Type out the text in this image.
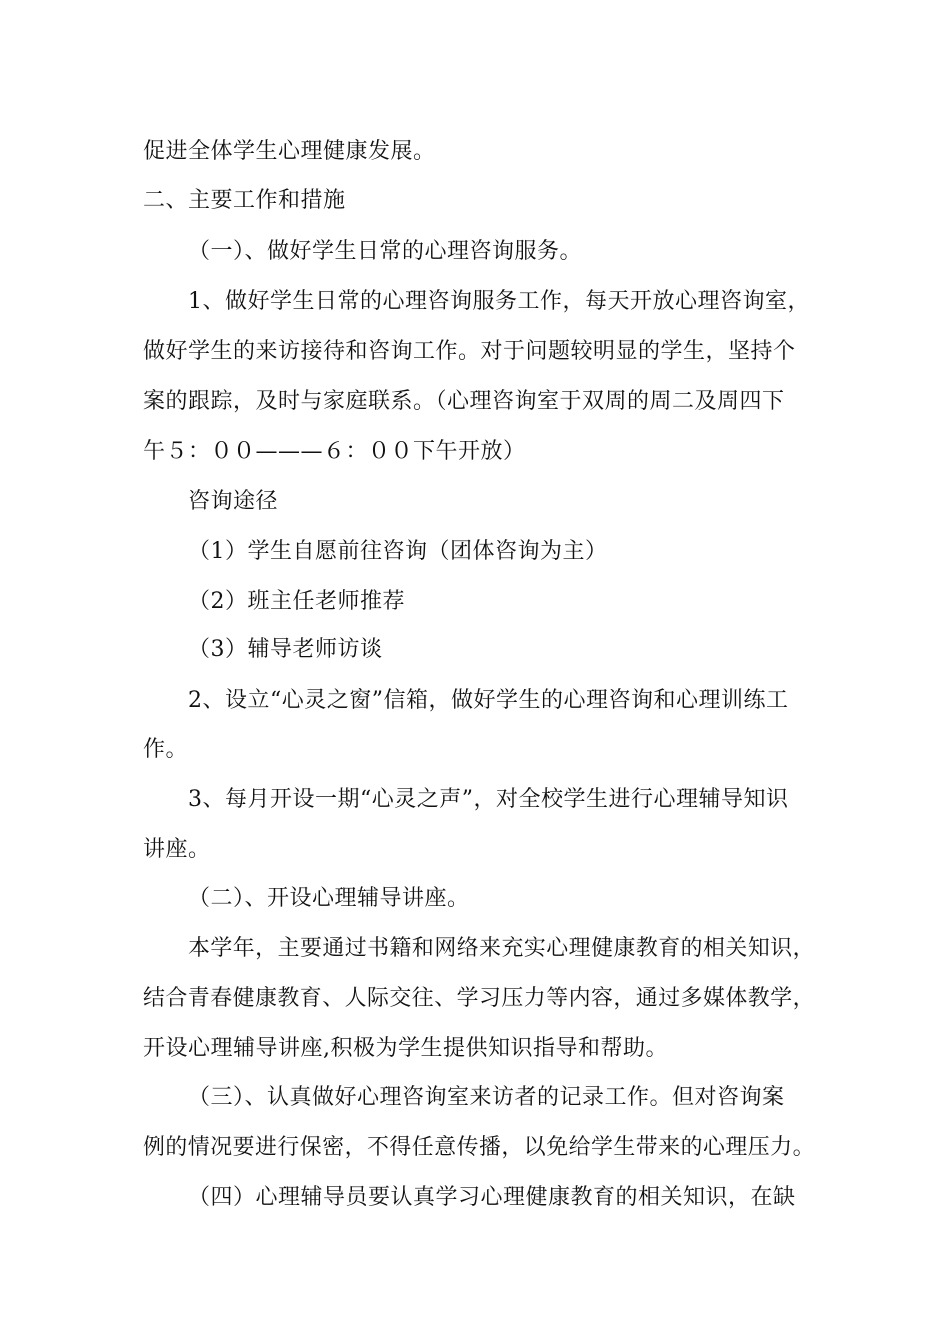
促进全体学生心理健康发展。
二、主要工作和措施
（一）、做好学生日常的心理咨询服务。
1、做好学生日常的心理咨询服务工作，每天开放心理咨询室，
做好学生的来访接待和咨询工作。对于问题较明显的学生，坚持个
案的跟踪，及时与家庭联系。（心理咨询室于双周的周二及周四下
午５：００———６：００下午开放）
咨询途径
（1）学生自愿前往咨询（团体咨询为主）
（2）班主任老师推荐
（3）辅导老师访谈
2、设立“心灵之窗”信箱，做好学生的心理咨询和心理训练工
作。
3、每月开设一期“心灵之声”，对全校学生进行心理辅导知识
讲座。
（二）、开设心理辅导讲座。
本学年，主要通过书籍和网络来充实心理健康教育的相关知识，
结合青春健康教育、人际交往、学习压力等内容，通过多媒体教学，
开设心理辅导讲座,积极为学生提供知识指导和帮助。
（三）、认真做好心理咨询室来访者的记录工作。但对咨询案
例的情况要进行保密，不得任意传播，以免给学生带来的心理压力。
（四）心理辅导员要认真学习心理健康教育的相关知识，在缺
